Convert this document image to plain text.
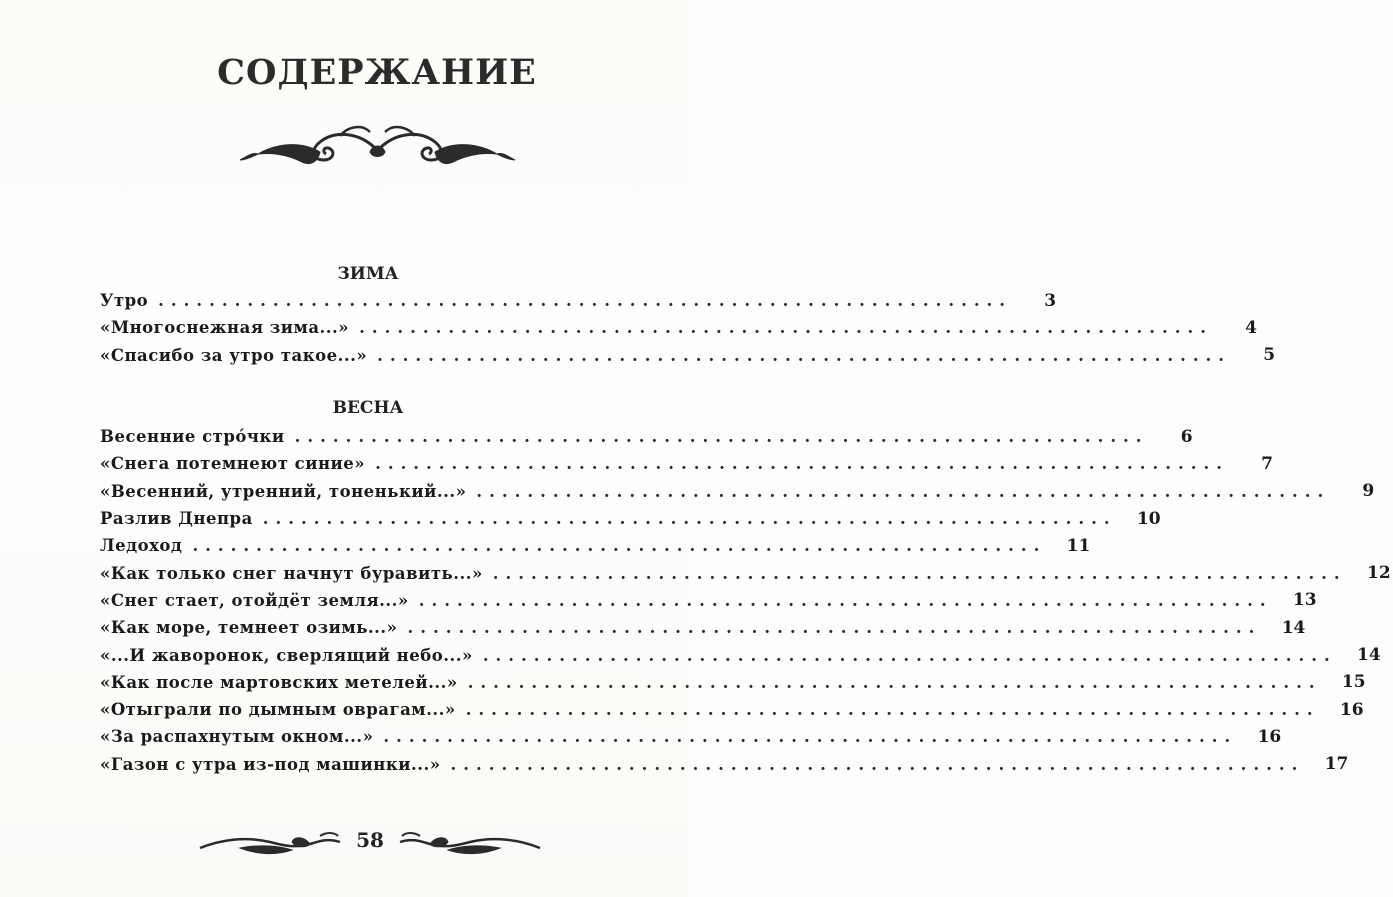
СОДЕРЖАНИЕ
ЗИМА
Утро ...................................................................	3
«Многоснежная зима...» ...................................................................	4
«Спасибо за утро такое...» ...................................................................	5
ВЕСНА
Весенние стро́чки ...................................................................	6
«Снега потемнеют синие» ...................................................................	7
«Весенний, утренний, тоненький...» ...................................................................	9
Разлив Днепра ...................................................................	10
Ледоход ...................................................................	11
«Как только снег начнут буравить...» ...................................................................	12
«Снег стает, отойдёт земля...» ...................................................................	13
«Как море, темнеет озимь...» ...................................................................	14
«...И жаворонок, сверлящий небо...» ...................................................................	14
«Как после мартовских метелей...» ...................................................................	15
«Отыграли по дымным оврагам...» ...................................................................	16
«За распахнутым окном...» ...................................................................	16
«Газон с утра из-под машинки...» ...................................................................	17
58
